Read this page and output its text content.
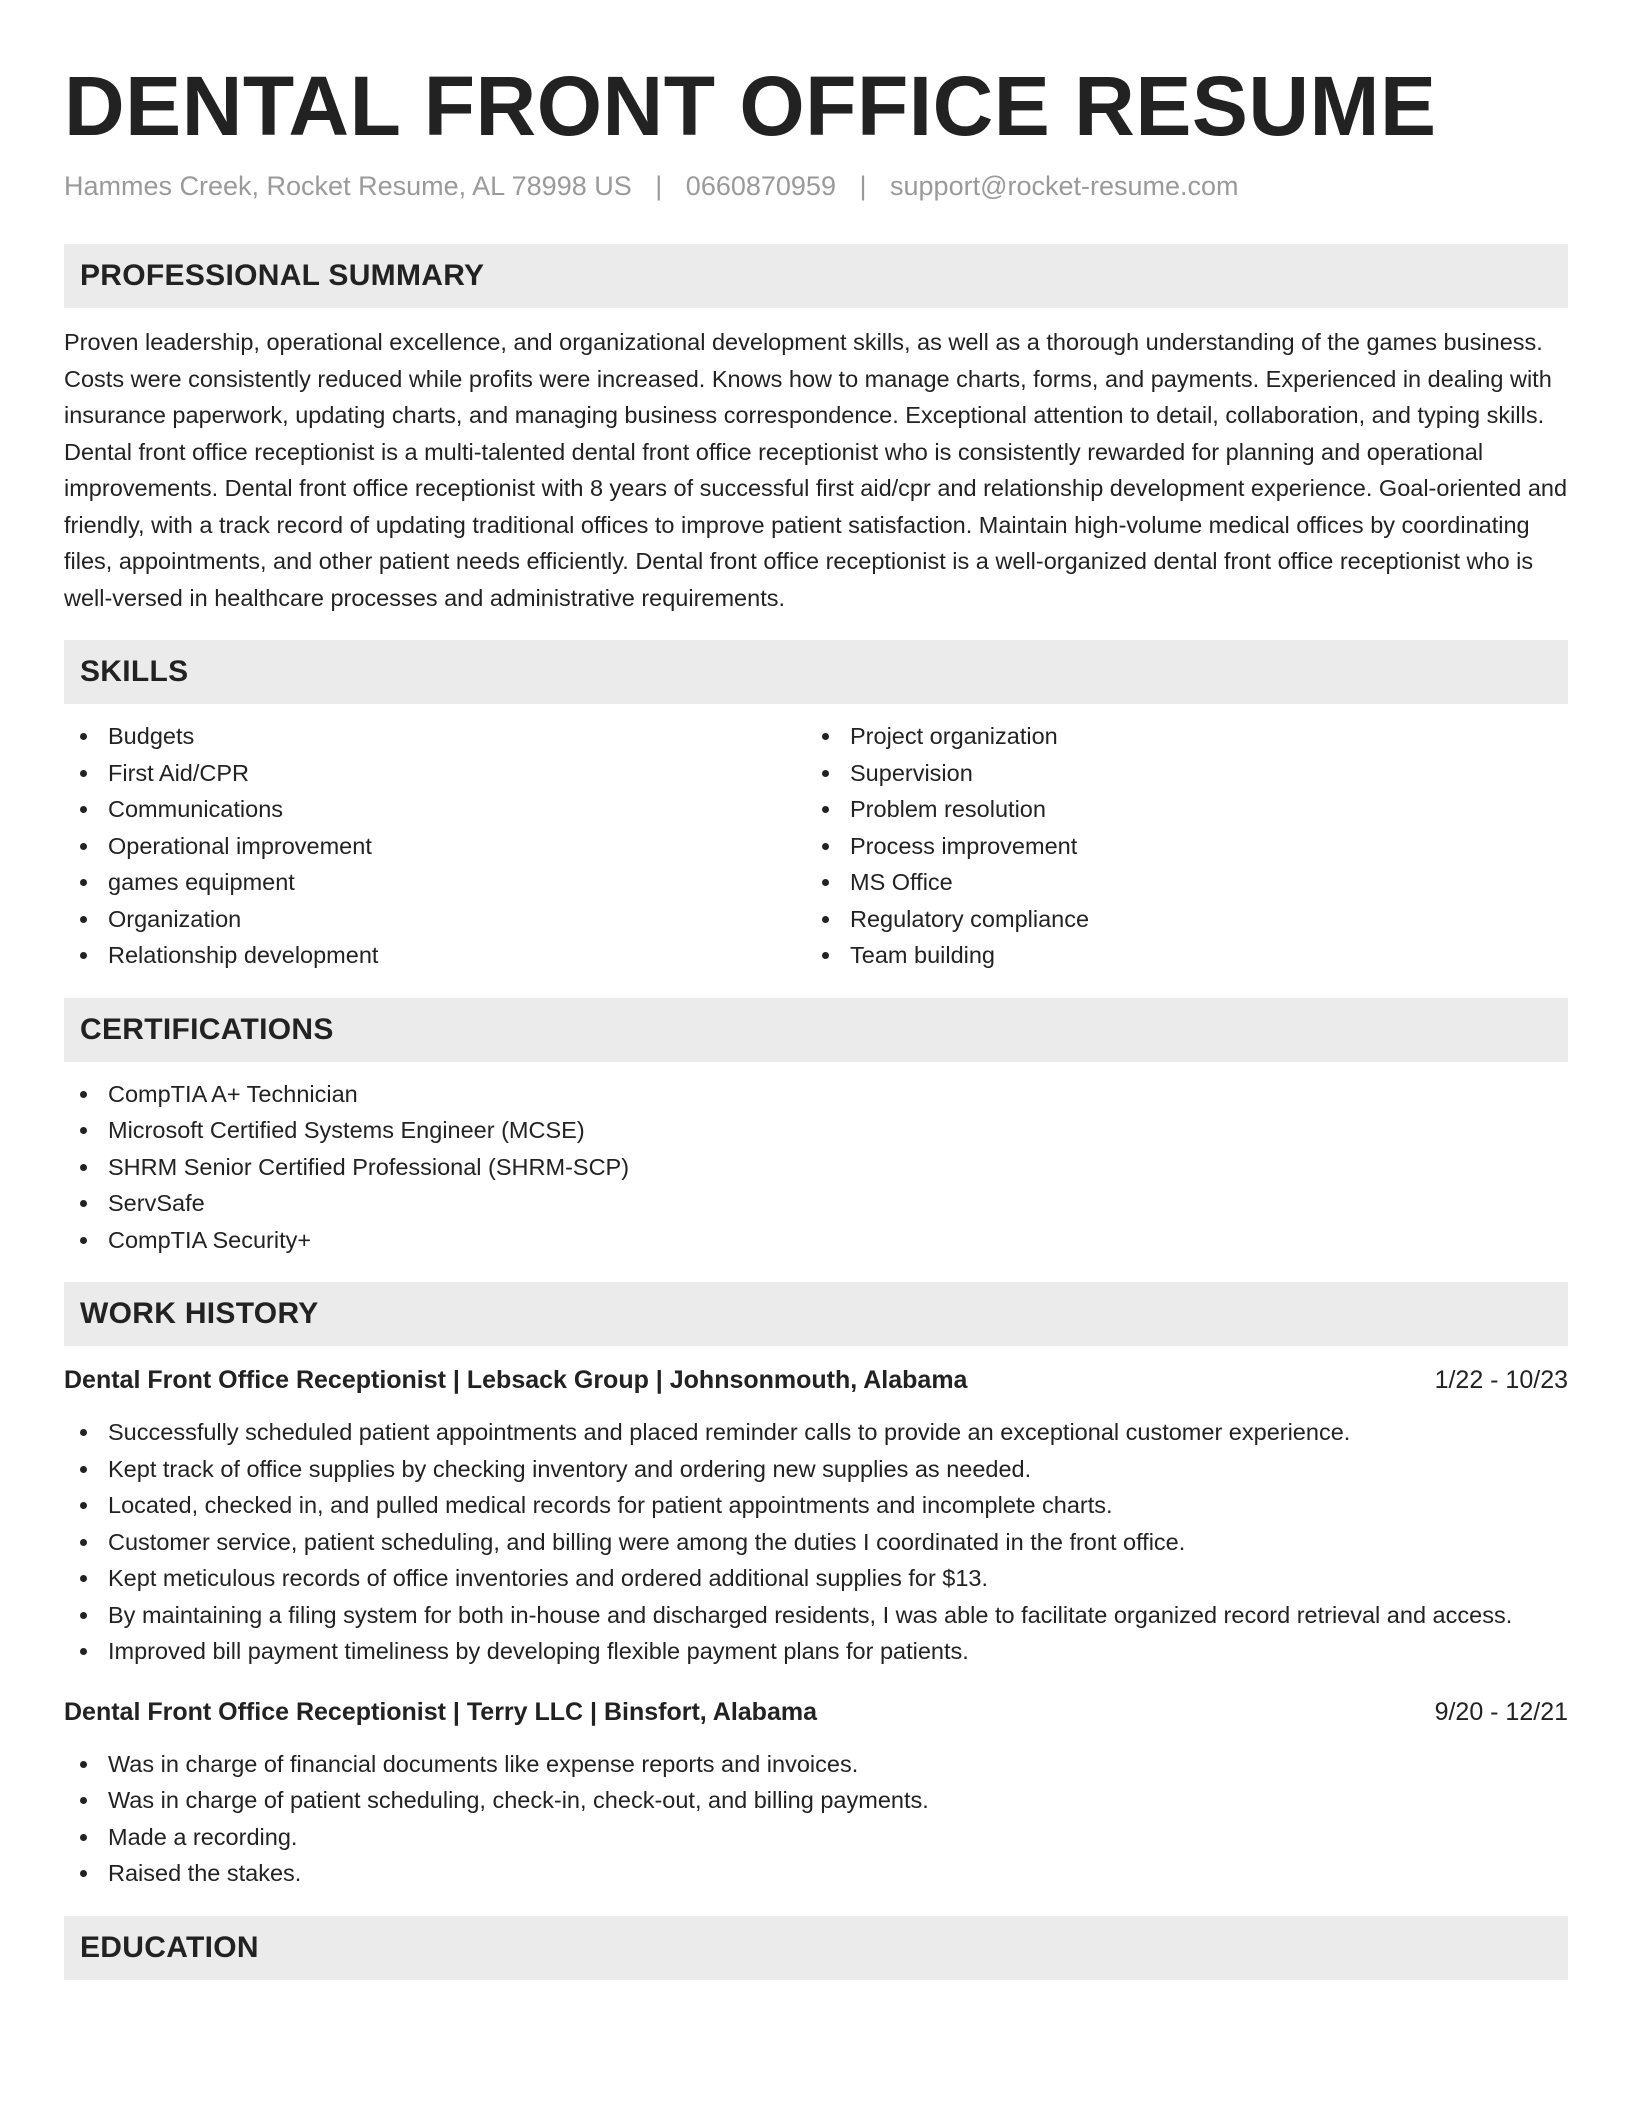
DENTAL FRONT OFFICE RESUME
Hammes Creek, Rocket Resume, AL 78998 US | 0660870959 | support@rocket-resume.com
PROFESSIONAL SUMMARY

Proven leadership, operational excellence, and organizational development skills, as well as a thorough understanding of the games business. Costs were consistently reduced while profits were increased. Knows how to manage charts, forms, and payments. Experienced in dealing with insurance paperwork, updating charts, and managing business correspondence. Exceptional attention to detail, collaboration, and typing skills. Dental front office receptionist is a multi-talented dental front office receptionist who is consistently rewarded for planning and operational improvements. Dental front office receptionist with 8 years of successful first aid/cpr and relationship development experience. Goal-oriented and friendly, with a track record of updating traditional offices to improve patient satisfaction. Maintain high-volume medical offices by coordinating files, appointments, and other patient needs efficiently. Dental front office receptionist is a well-organized dental front office receptionist who is well-versed in healthcare processes and administrative requirements.

SKILLS
Budgets
First Aid/CPR
Communications
Operational improvement
games equipment
Organization
Relationship development
Project organization
Supervision
Problem resolution
Process improvement
MS Office
Regulatory compliance
Team building
CERTIFICATIONS
CompTIA A+ Technician
Microsoft Certified Systems Engineer (MCSE)
SHRM Senior Certified Professional (SHRM-SCP)
ServSafe
CompTIA Security+
WORK HISTORY
Dental Front Office Receptionist | Lebsack Group | Johnsonmouth, Alabama	1/22 - 10/23
Successfully scheduled patient appointments and placed reminder calls to provide an exceptional customer experience.
Kept track of office supplies by checking inventory and ordering new supplies as needed.
Located, checked in, and pulled medical records for patient appointments and incomplete charts.
Customer service, patient scheduling, and billing were among the duties I coordinated in the front office.
Kept meticulous records of office inventories and ordered additional supplies for $13.
By maintaining a filing system for both in-house and discharged residents, I was able to facilitate organized record retrieval and access.
Improved bill payment timeliness by developing flexible payment plans for patients.
Dental Front Office Receptionist | Terry LLC | Binsfort, Alabama	9/20 - 12/21
Was in charge of financial documents like expense reports and invoices.
Was in charge of patient scheduling, check-in, check-out, and billing payments.
Made a recording.
Raised the stakes.
EDUCATION
